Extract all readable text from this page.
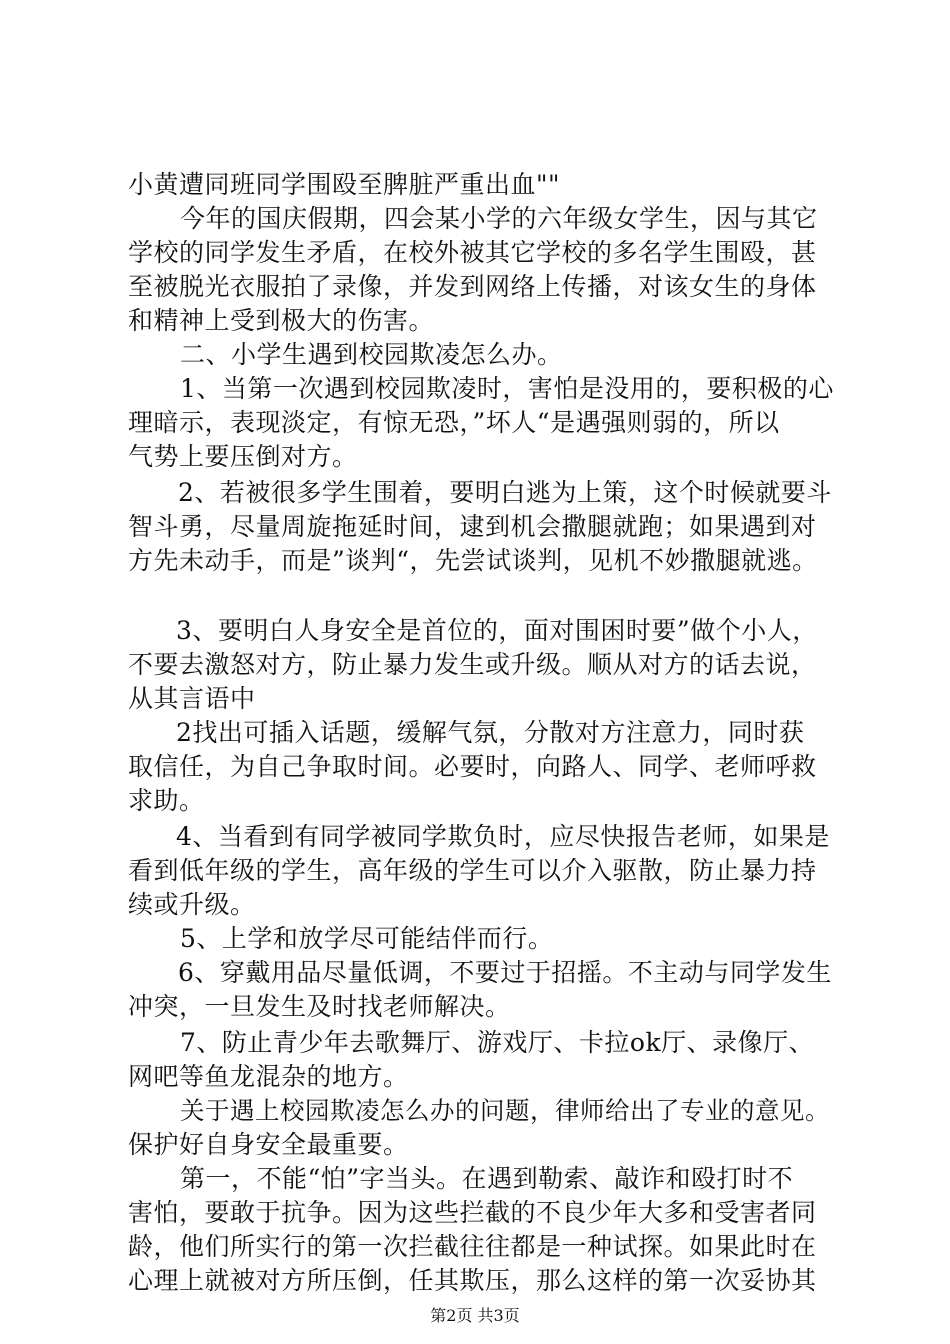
小黄遭同班同学围殴至脾脏严重出血""
今年的国庆假期，四会某小学的六年级女学生，因与其它
学校的同学发生矛盾，在校外被其它学校的多名学生围殴，甚
至被脱光衣服拍了录像，并发到网络上传播，对该女生的身体
和精神上受到极大的伤害。
二、小学生遇到校园欺凌怎么办。
1、当第一次遇到校园欺凌时，害怕是没用的，要积极的心
理暗示，表现淡定，有惊无恐，”坏人“是遇强则弱的，所以
气势上要压倒对方。
2、若被很多学生围着，要明白逃为上策，这个时候就要斗
智斗勇，尽量周旋拖延时间，逮到机会撒腿就跑；如果遇到对
方先未动手，而是”谈判“，先尝试谈判，见机不妙撒腿就逃。
3、要明白人身安全是首位的，面对围困时要”做个小人，
不要去激怒对方，防止暴力发生或升级。顺从对方的话去说，
从其言语中
2找出可插入话题，缓解气氛，分散对方注意力，同时获
取信任，为自己争取时间。必要时，向路人、同学、老师呼救
求助。
4、当看到有同学被同学欺负时，应尽快报告老师，如果是
看到低年级的学生，高年级的学生可以介入驱散，防止暴力持
续或升级。
5、上学和放学尽可能结伴而行。
6、穿戴用品尽量低调，不要过于招摇。不主动与同学发生
冲突，一旦发生及时找老师解决。
7、防止青少年去歌舞厅、游戏厅、卡拉ok厅、录像厅、
网吧等鱼龙混杂的地方。
关于遇上校园欺凌怎么办的问题，律师给出了专业的意见。
保护好自身安全最重要。
第一，不能“怕”字当头。在遇到勒索、敲诈和殴打时不
害怕，要敢于抗争。因为这些拦截的不良少年大多和受害者同
龄，他们所实行的第一次拦截往往都是一种试探。如果此时在
心理上就被对方所压倒，任其欺压，那么这样的第一次妥协其
第2页 共3页
